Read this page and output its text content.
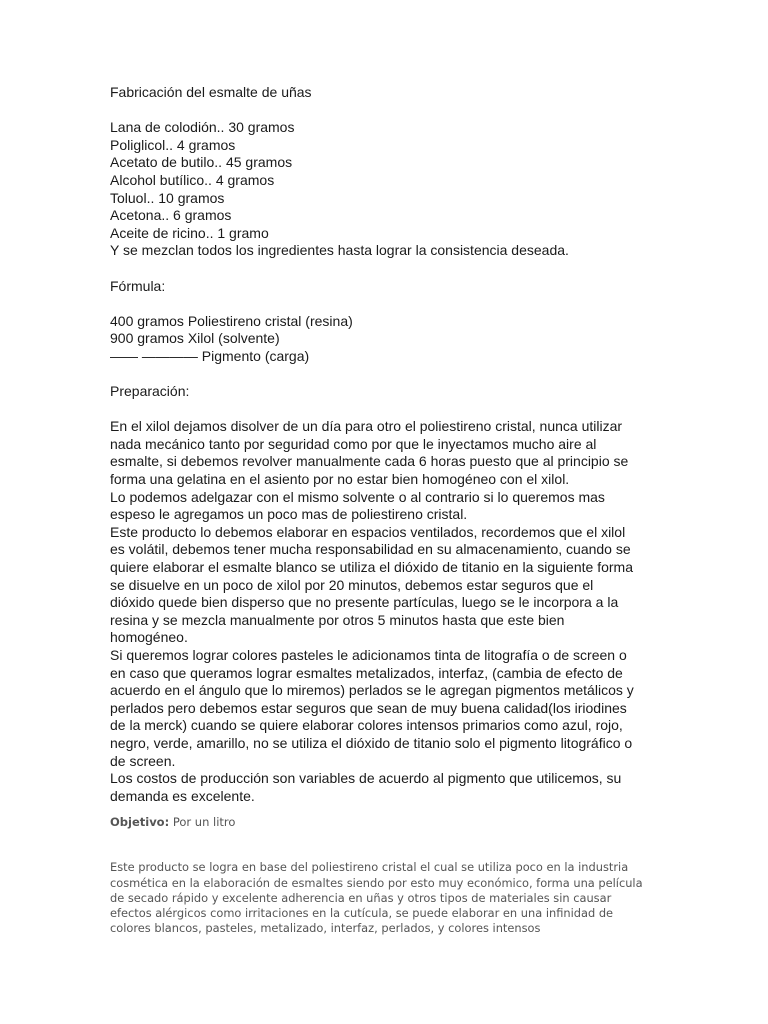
Fabricación del esmalte de uñas

Lana de colodión.. 30 gramos

Poliglicol.. 4 gramos

Acetato de butilo.. 45 gramos

Alcohol butílico.. 4 gramos

Toluol.. 10 gramos

Acetona.. 6 gramos

Aceite de ricino.. 1 gramo

Y se mezclan todos los ingredientes hasta lograr la consistencia deseada.

Fórmula:

400 gramos Poliestireno cristal (resina)

900 gramos Xilol (solvente)

—— ———— Pigmento (carga)

Preparación:

En el xilol dejamos disolver de un día para otro el poliestireno cristal, nunca utilizar nada mecánico tanto por seguridad como por que le inyectamos mucho aire al esmalte, si debemos revolver manualmente cada 6 horas puesto que al principio se forma una gelatina en el asiento por no estar bien homogéneo con el xilol.

Lo podemos adelgazar con el mismo solvente o al contrario si lo queremos mas espeso le agregamos un poco mas de poliestireno cristal.

Este producto lo debemos elaborar en espacios ventilados, recordemos que el xilol es volátil, debemos tener mucha responsabilidad en su almacenamiento, cuando se quiere elaborar el esmalte blanco se utiliza el dióxido de titanio en la siguiente forma se disuelve en un poco de xilol por 20 minutos, debemos estar seguros que el dióxido quede bien disperso que no presente partículas, luego se le incorpora a la resina y se mezcla manualmente por otros 5 minutos hasta que este bien homogéneo.

Si queremos lograr colores pasteles le adicionamos tinta de litografía o de screen o en caso que queramos lograr esmaltes metalizados, interfaz, (cambia de efecto de acuerdo en el ángulo que lo miremos) perlados se le agregan pigmentos metálicos y perlados pero debemos estar seguros que sean de muy buena calidad(los iriodines de la merck) cuando se quiere elaborar colores intensos primarios como azul, rojo, negro, verde, amarillo, no se utiliza el dióxido de titanio solo el pigmento litográfico o de screen.

Los costos de producción son variables de acuerdo al pigmento que utilicemos, su demanda es excelente.

Objetivo: Por un litro

Este producto se logra en base del poliestireno cristal el cual se utiliza poco en la industria cosmética en la elaboración de esmaltes siendo por esto muy económico, forma una película de secado rápido y excelente adherencia en uñas y otros tipos de materiales sin causar efectos alérgicos como irritaciones en la cutícula, se puede elaborar en una infinidad de colores blancos, pasteles, metalizado, interfaz, perlados, y colores intensos
